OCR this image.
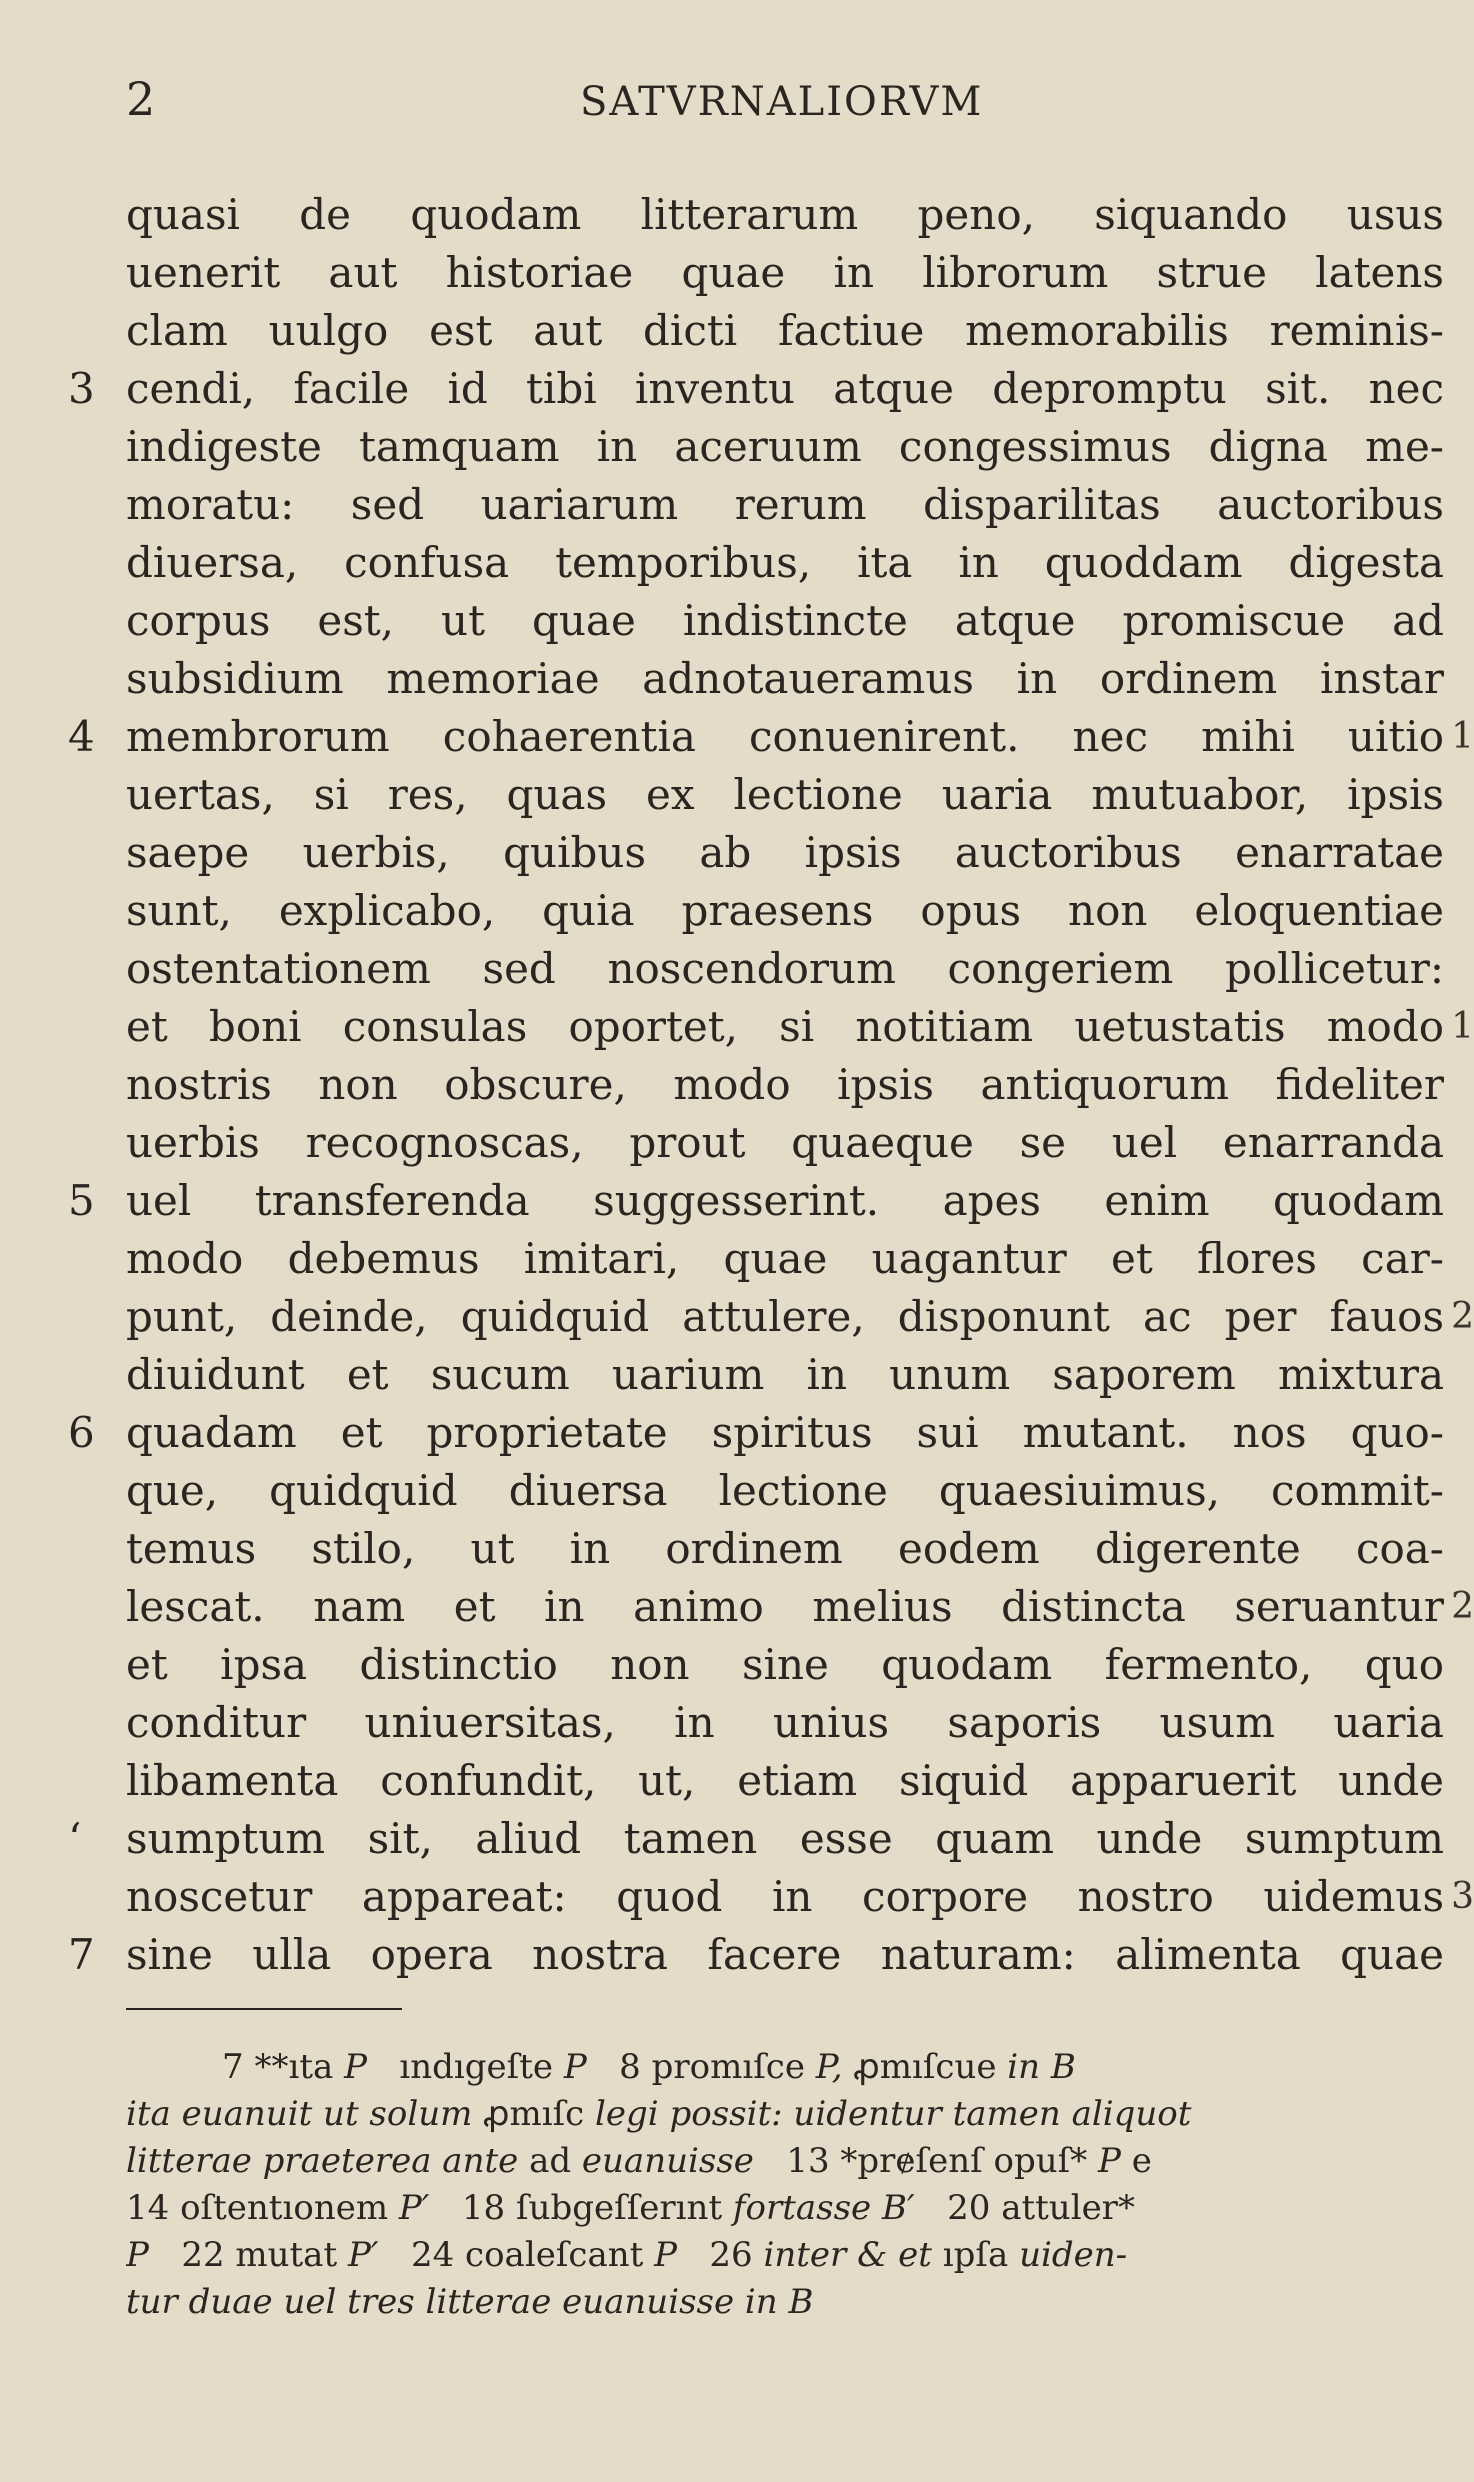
2	SATVRNALIORVM
quasi de quodam litterarum peno, siquando usus
uenerit aut historiae quae in librorum strue latens
clam uulgo est aut dicti factiue memorabilis reminis-
3 cendi, facile id tibi inventu atque depromptu sit. nec
indigeste tamquam in aceruum congessimus digna me-
moratu: sed uariarum rerum disparilitas auctoribus
diuersa, confusa temporibus, ita in quoddam digesta
corpus est, ut quae indistincte atque promiscue ad
subsidium memoriae adnotaueramus in ordinem instar
4 membrorum cohaerentia conuenirent. nec mihi uitio 1
uertas, si res, quas ex lectione uaria mutuabor, ipsis
saepe uerbis, quibus ab ipsis auctoribus enarratae
sunt, explicabo, quia praesens opus non eloquentiae
ostentationem sed noscendorum congeriem pollicetur:
et boni consulas oportet, si notitiam uetustatis modo 1
nostris non obscure, modo ipsis antiquorum fideliter
uerbis recognoscas, prout quaeque se uel enarranda
5 uel transferenda suggesserint. apes enim quodam
modo debemus imitari, quae uagantur et flores car-
punt, deinde, quidquid attulere, disponunt ac per fauos 2
diuidunt et sucum uarium in unum saporem mixtura
6 quadam et proprietate spiritus sui mutant. nos quo-
que, quidquid diuersa lectione quaesiuimus, commit-
temus stilo, ut in ordinem eodem digerente coa-
lescat. nam et in animo melius distincta seruantur 2
et ipsa distinctio non sine quodam fermento, quo
conditur uniuersitas, in unius saporis usum uaria
libamenta confundit, ut, etiam siquid apparuerit unde
‘	sumptum sit, aliud tamen esse quam unde sumptum
noscetur appareat: quod in corpore nostro uidemus 3
7 sine ulla opera nostra facere naturam: alimenta quae
7 **ıta P   ındıgeſte P   8 promıſce P, ꝓmıſcue in B
ita euanuit ut solum ꝓmıſc legi possit: uidentur tamen aliquot
litterae praeterea ante ad euanuisse   13 *prɇſenſ opuſ* P e
14 oſtentıonem P′   18 ſubgeſſerınt fortasse B′   20 attuler*
P   22 mutat P′   24 coaleſcant P   26 inter & et ıpſa uiden-
tur duae uel tres litterae euanuisse in B
